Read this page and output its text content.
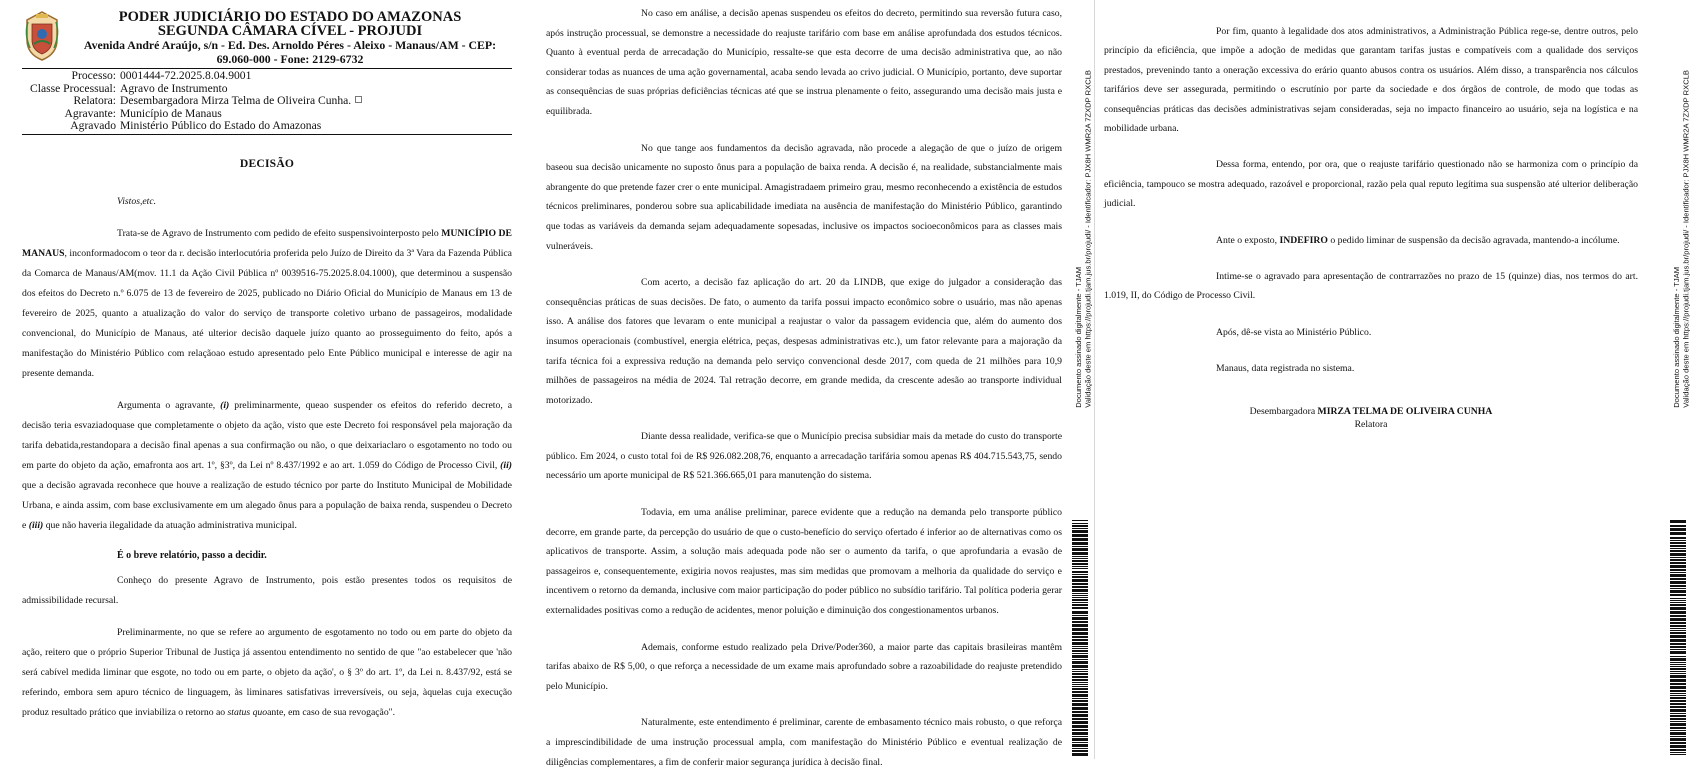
PODER JUDICIÁRIO DO ESTADO DO AMAZONAS
SEGUNDA CÂMARA CÍVEL - PROJUDI
Avenida André Araújo, s/n - Ed. Des. Arnoldo Péres - Aleixo - Manaus/AM - CEP:
69.060-000 - Fone: 2129-6732
Processo: 0001444-72.2025.8.04.9001
Classe Processual: Agravo de Instrumento
Relatora: Desembargadora Mirza Telma de Oliveira Cunha.
Agravante: Município de Manaus
Agravado Ministério Público do Estado do Amazonas
DECISÃO
Vistos,etc.
Trata-se de Agravo de Instrumento com pedido de efeito suspensivointerposto pelo MUNICÍPIO DE MANAUS, inconformadocom o teor da r. decisão interlocutória proferida pelo Juízo de Direito da 3ª Vara da Fazenda Pública da Comarca de Manaus/AM(mov. 11.1 da Ação Civil Pública nº 0039516-75.2025.8.04.1000), que determinou a suspensão dos efeitos do Decreto n.º 6.075 de 13 de fevereiro de 2025, publicado no Diário Oficial do Município de Manaus em 13 de fevereiro de 2025, quanto a atualização do valor do serviço de transporte coletivo urbano de passageiros, modalidade convencional, do Município de Manaus, até ulterior decisão daquele juízo quanto ao prosseguimento do feito, após a manifestação do Ministério Público com relaçãoao estudo apresentado pelo Ente Público municipal e interesse de agir na presente demanda.
Argumenta o agravante, (i) preliminarmente, queao suspender os efeitos do referido decreto, a decisão teria esvaziadoquase que completamente o objeto da ação, visto que este Decreto foi responsável pela majoração da tarifa debatida,restandopara a decisão final apenas a sua confirmação ou não, o que deixariaclaro o esgotamento no todo ou em parte do objeto da ação, emafronta aos art. 1º, §3º, da Lei nº 8.437/1992 e ao art. 1.059 do Código de Processo Civil, (ii) que a decisão agravada reconhece que houve a realização de estudo técnico por parte do Instituto Municipal de Mobilidade Urbana, e ainda assim, com base exclusivamente em um alegado ônus para a população de baixa renda, suspendeu o Decreto e (iii) que não haveria ilegalidade da atuação administrativa municipal.
É o breve relatório, passo a decidir.
Conheço do presente Agravo de Instrumento, pois estão presentes todos os requisitos de admissibilidade recursal.
Preliminarmente, no que se refere ao argumento de esgotamento no todo ou em parte do objeto da ação, reitero que o próprio Superior Tribunal de Justiça já assentou entendimento no sentido de que "ao estabelecer que 'não será cabível medida liminar que esgote, no todo ou em parte, o objeto da ação', o § 3º do art. 1º, da Lei n. 8.437/92, está se referindo, embora sem apuro técnico de linguagem, às liminares satisfativas irreversíveis, ou seja, àquelas cuja execução produz resultado prático que inviabiliza o retorno ao status quoante, em caso de sua revogação".
No caso em análise, a decisão apenas suspendeu os efeitos do decreto, permitindo sua reversão futura caso, após instrução processual, se demonstre a necessidade do reajuste tarifário com base em análise aprofundada dos estudos técnicos. Quanto à eventual perda de arrecadação do Município, ressalte-se que esta decorre de uma decisão administrativa que, ao não considerar todas as nuances de uma ação governamental, acaba sendo levada ao crivo judicial. O Município, portanto, deve suportar as consequências de suas próprias deficiências técnicas até que se instrua plenamente o feito, assegurando uma decisão mais justa e equilibrada.
No que tange aos fundamentos da decisão agravada, não procede a alegação de que o juízo de origem baseou sua decisão unicamente no suposto ônus para a população de baixa renda. A decisão é, na realidade, substancialmente mais abrangente do que pretende fazer crer o ente municipal. Amagistradaem primeiro grau, mesmo reconhecendo a existência de estudos técnicos preliminares, ponderou sobre sua aplicabilidade imediata na ausência de manifestação do Ministério Público, garantindo que todas as variáveis da demanda sejam adequadamente sopesadas, inclusive os impactos socioeconômicos para as classes mais vulneráveis.
Com acerto, a decisão faz aplicação do art. 20 da LINDB, que exige do julgador a consideração das consequências práticas de suas decisões. De fato, o aumento da tarifa possui impacto econômico sobre o usuário, mas não apenas isso. A análise dos fatores que levaram o ente municipal a reajustar o valor da passagem evidencia que, além do aumento dos insumos operacionais (combustível, energia elétrica, peças, despesas administrativas etc.), um fator relevante para a majoração da tarifa técnica foi a expressiva redução na demanda pelo serviço convencional desde 2017, com queda de 21 milhões para 10,9 milhões de passageiros na média de 2024. Tal retração decorre, em grande medida, da crescente adesão ao transporte individual motorizado.
Diante dessa realidade, verifica-se que o Município precisa subsidiar mais da metade do custo do transporte público. Em 2024, o custo total foi de R$ 926.082.208,76, enquanto a arrecadação tarifária somou apenas R$ 404.715.543,75, sendo necessário um aporte municipal de R$ 521.366.665,01 para manutenção do sistema.
Todavia, em uma análise preliminar, parece evidente que a redução na demanda pelo transporte público decorre, em grande parte, da percepção do usuário de que o custo-benefício do serviço ofertado é inferior ao de alternativas como os aplicativos de transporte. Assim, a solução mais adequada pode não ser o aumento da tarifa, o que aprofundaria a evasão de passageiros e, consequentemente, exigiria novos reajustes, mas sim medidas que promovam a melhoria da qualidade do serviço e incentivem o retorno da demanda, inclusive com maior participação do poder público no subsídio tarifário. Tal política poderia gerar externalidades positivas como a redução de acidentes, menor poluição e diminuição dos congestionamentos urbanos.
Ademais, conforme estudo realizado pela Drive/Poder360, a maior parte das capitais brasileiras mantêm tarifas abaixo de R$ 5,00, o que reforça a necessidade de um exame mais aprofundado sobre a razoabilidade do reajuste pretendido pelo Município.
Naturalmente, este entendimento é preliminar, carente de embasamento técnico mais robusto, o que reforça a imprescindibilidade de uma instrução processual ampla, com manifestação do Ministério Público e eventual realização de diligências complementares, a fim de conferir maior segurança jurídica à decisão final.
Documento assinado digitalmente - TJAM Validação deste em https://projudi.tjam.jus.br/projudi/ - Identificador: PJX8H WMR2A 7ZXDP RXCLB
Por fim, quanto à legalidade dos atos administrativos, a Administração Pública rege-se, dentre outros, pelo princípio da eficiência, que impõe a adoção de medidas que garantam tarifas justas e compatíveis com a qualidade dos serviços prestados, prevenindo tanto a oneração excessiva do erário quanto abusos contra os usuários. Além disso, a transparência nos cálculos tarifários deve ser assegurada, permitindo o escrutínio por parte da sociedade e dos órgãos de controle, de modo que todas as consequências práticas das decisões administrativas sejam consideradas, seja no impacto financeiro ao usuário, seja na logística e na mobilidade urbana.
Dessa forma, entendo, por ora, que o reajuste tarifário questionado não se harmoniza com o princípio da eficiência, tampouco se mostra adequado, razoável e proporcional, razão pela qual reputo legítima sua suspensão até ulterior deliberação judicial.
Ante o exposto, INDEFIRO o pedido liminar de suspensão da decisão agravada, mantendo-a incólume.
Intime-se o agravado para apresentação de contrarrazões no prazo de 15 (quinze) dias, nos termos do art. 1.019, II, do Código de Processo Civil.
Após, dê-se vista ao Ministério Público.
Manaus, data registrada no sistema.
Desembargadora MIRZA TELMA DE OLIVEIRA CUNHA
Relatora
Documento assinado digitalmente - TJAM Validação deste em https://projudi.tjam.jus.br/projudi/ - Identificador: PJX8H WMR2A 7ZXDP RXCLB
